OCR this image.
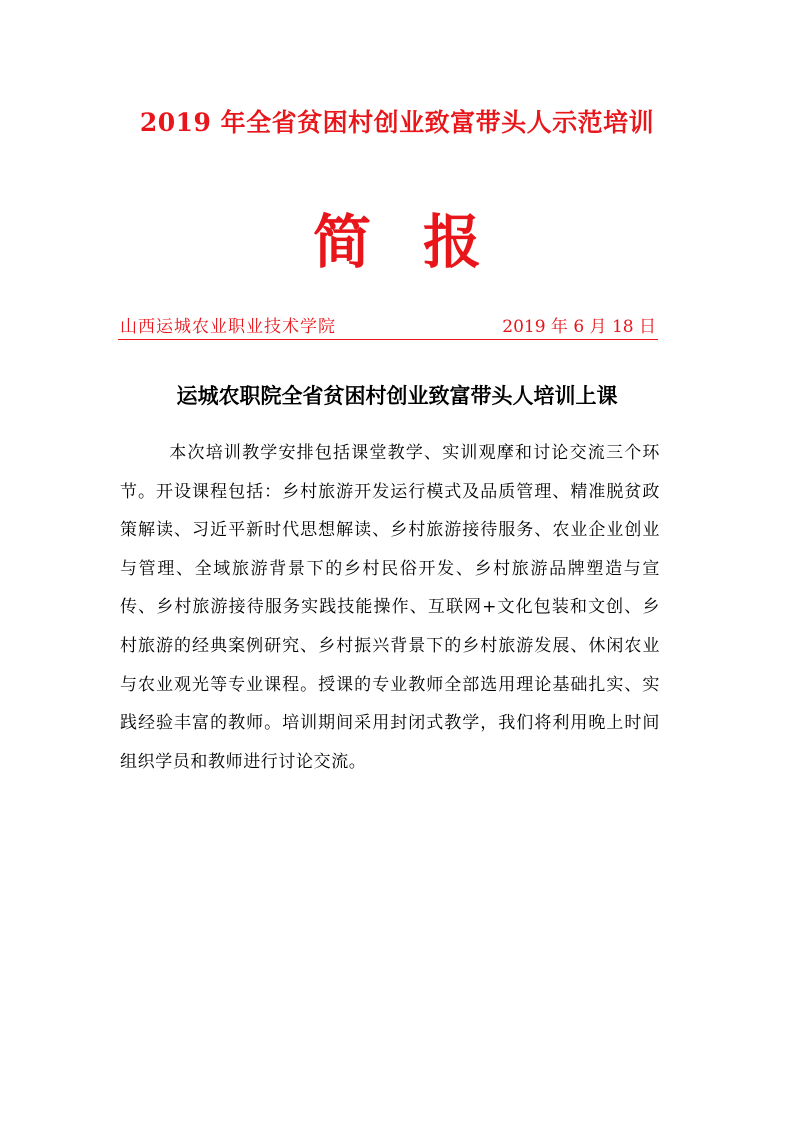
2019 年全省贫困村创业致富带头人示范培训
简报
山西运城农业职业技术学院	2019 年 6 月 18 日
运城农职院全省贫困村创业致富带头人培训上课
本次培训教学安排包括课堂教学、实训观摩和讨论交流三个环节。开设课程包括：乡村旅游开发运行模式及品质管理、精准脱贫政策解读、习近平新时代思想解读、乡村旅游接待服务、农业企业创业与管理、全域旅游背景下的乡村民俗开发、乡村旅游品牌塑造与宣传、乡村旅游接待服务实践技能操作、互联网+文化包装和文创、乡村旅游的经典案例研究、乡村振兴背景下的乡村旅游发展、休闲农业与农业观光等专业课程。授课的专业教师全部选用理论基础扎实、实践经验丰富的教师。培训期间采用封闭式教学，我们将利用晚上时间组织学员和教师进行讨论交流。
